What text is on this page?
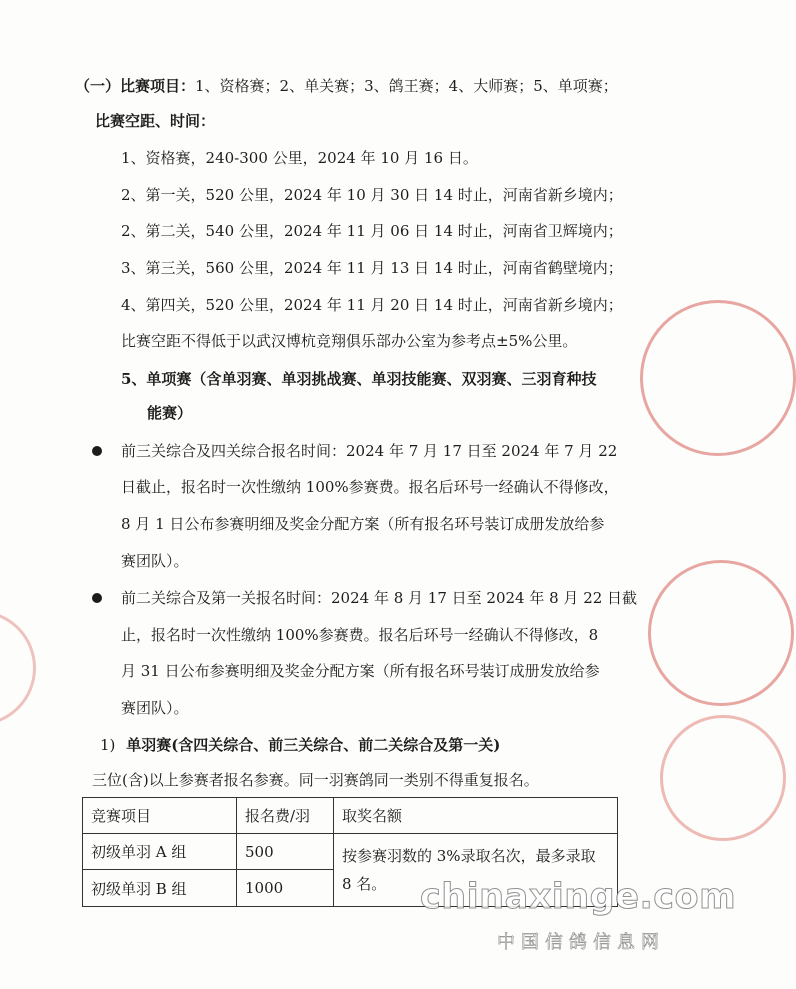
（一）比赛项目：1、资格赛；2、单关赛；3、鸽王赛；4、大师赛；5、单项赛；
比赛空距、时间：
1、资格赛，240-300 公里，2024 年 10 月 16 日。
2、第一关，520 公里，2024 年 10 月 30 日 14 时止，河南省新乡境内；
2、第二关，540 公里，2024 年 11 月 06 日 14 时止，河南省卫辉境内；
3、第三关，560 公里，2024 年 11 月 13 日 14 时止，河南省鹤壁境内；
4、第四关，520 公里，2024 年 11 月 20 日 14 时止，河南省新乡境内；
比赛空距不得低于以武汉博杭竞翔俱乐部办公室为参考点±5%公里。
5、单项赛（含单羽赛、单羽挑战赛、单羽技能赛、双羽赛、三羽育种技
能赛）
前三关综合及四关综合报名时间：2024 年 7 月 17 日至 2024 年 7 月 22
日截止，报名时一次性缴纳 100%参赛费。报名后环号一经确认不得修改，
8 月 1 日公布参赛明细及奖金分配方案（所有报名环号装订成册发放给参
赛团队）。
前二关综合及第一关报名时间：2024 年 8 月 17 日至 2024 年 8 月 22 日截
止，报名时一次性缴纳 100%参赛费。报名后环号一经确认不得修改，8
月 31 日公布参赛明细及奖金分配方案（所有报名环号装订成册发放给参
赛团队）。
1) 单羽赛(含四关综合、前三关综合、前二关综合及第一关)
三位(含)以上参赛者报名参赛。同一羽赛鸽同一类别不得重复报名。
竞赛项目	报名费/羽	取奖名额
初级单羽 A 组	500	按参赛羽数的 3%录取名次，最多录取
8 名。

初级单羽 B 组	1000		chinaxinge.com
中国信鸽信息网
